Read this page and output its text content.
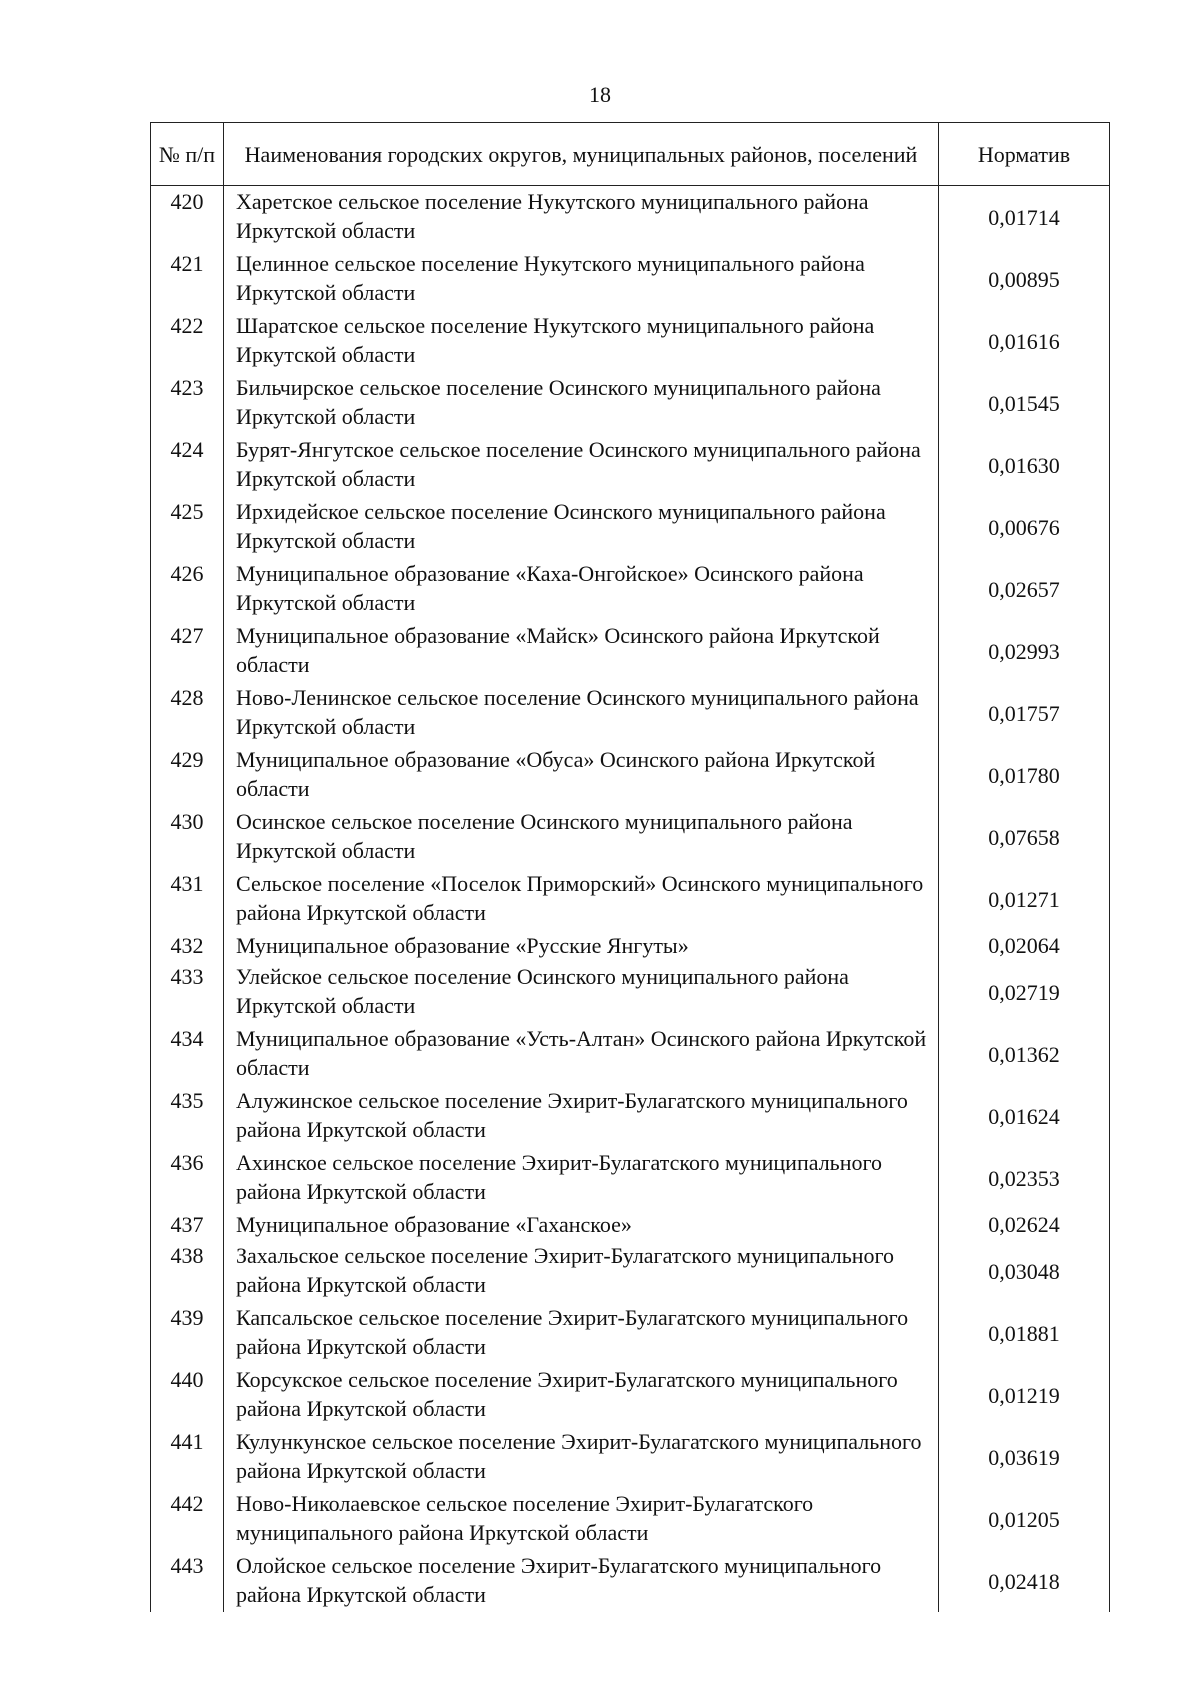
18
№ п/п	Наименования городских округов, муниципальных районов, поселений	Норматив
420	Харетское сельское поселение Нукутского муниципального района Иркутской области	0,01714
421	Целинное сельское поселение Нукутского муниципального района Иркутской области	0,00895
422	Шаратское сельское поселение Нукутского муниципального района Иркутской области	0,01616
423	Бильчирское сельское поселение Осинского муниципального района Иркутской области	0,01545
424	Бурят-Янгутское сельское поселение Осинского муниципального района Иркутской области	0,01630
425	Ирхидейское сельское поселение Осинского муниципального района Иркутской области	0,00676
426	Муниципальное образование «Каха-Онгойское» Осинского района Иркутской области	0,02657
427	Муниципальное образование «Майск» Осинского района Иркутской области	0,02993
428	Ново-Ленинское сельское поселение Осинского муниципального района Иркутской области	0,01757
429	Муниципальное образование «Обуса» Осинского района Иркутской области	0,01780
430	Осинское сельское поселение Осинского муниципального района Иркутской области	0,07658
431	Сельское поселение «Поселок Приморский» Осинского муниципального района Иркутской области	0,01271
432	Муниципальное образование «Русские Янгуты»	0,02064
433	Улейское сельское поселение Осинского муниципального района Иркутской области	0,02719
434	Муниципальное образование «Усть-Алтан» Осинского района Иркутской области	0,01362
435	Алужинское сельское поселение Эхирит-Булагатского муниципального района Иркутской области	0,01624
436	Ахинское сельское поселение Эхирит-Булагатского муниципального района Иркутской области	0,02353
437	Муниципальное образование «Гаханское»	0,02624
438	Захальское сельское поселение Эхирит-Булагатского муниципального района Иркутской области	0,03048
439	Капсальское сельское поселение Эхирит-Булагатского муниципального района Иркутской области	0,01881
440	Корсукское сельское поселение Эхирит-Булагатского муниципального района Иркутской области	0,01219
441	Кулункунское сельское поселение Эхирит-Булагатского муниципального района Иркутской области	0,03619
442	Ново-Николаевское сельское поселение Эхирит-Булагатского муниципального района Иркутской области	0,01205
443	Олойское сельское поселение Эхирит-Булагатского муниципального района Иркутской области	0,02418
